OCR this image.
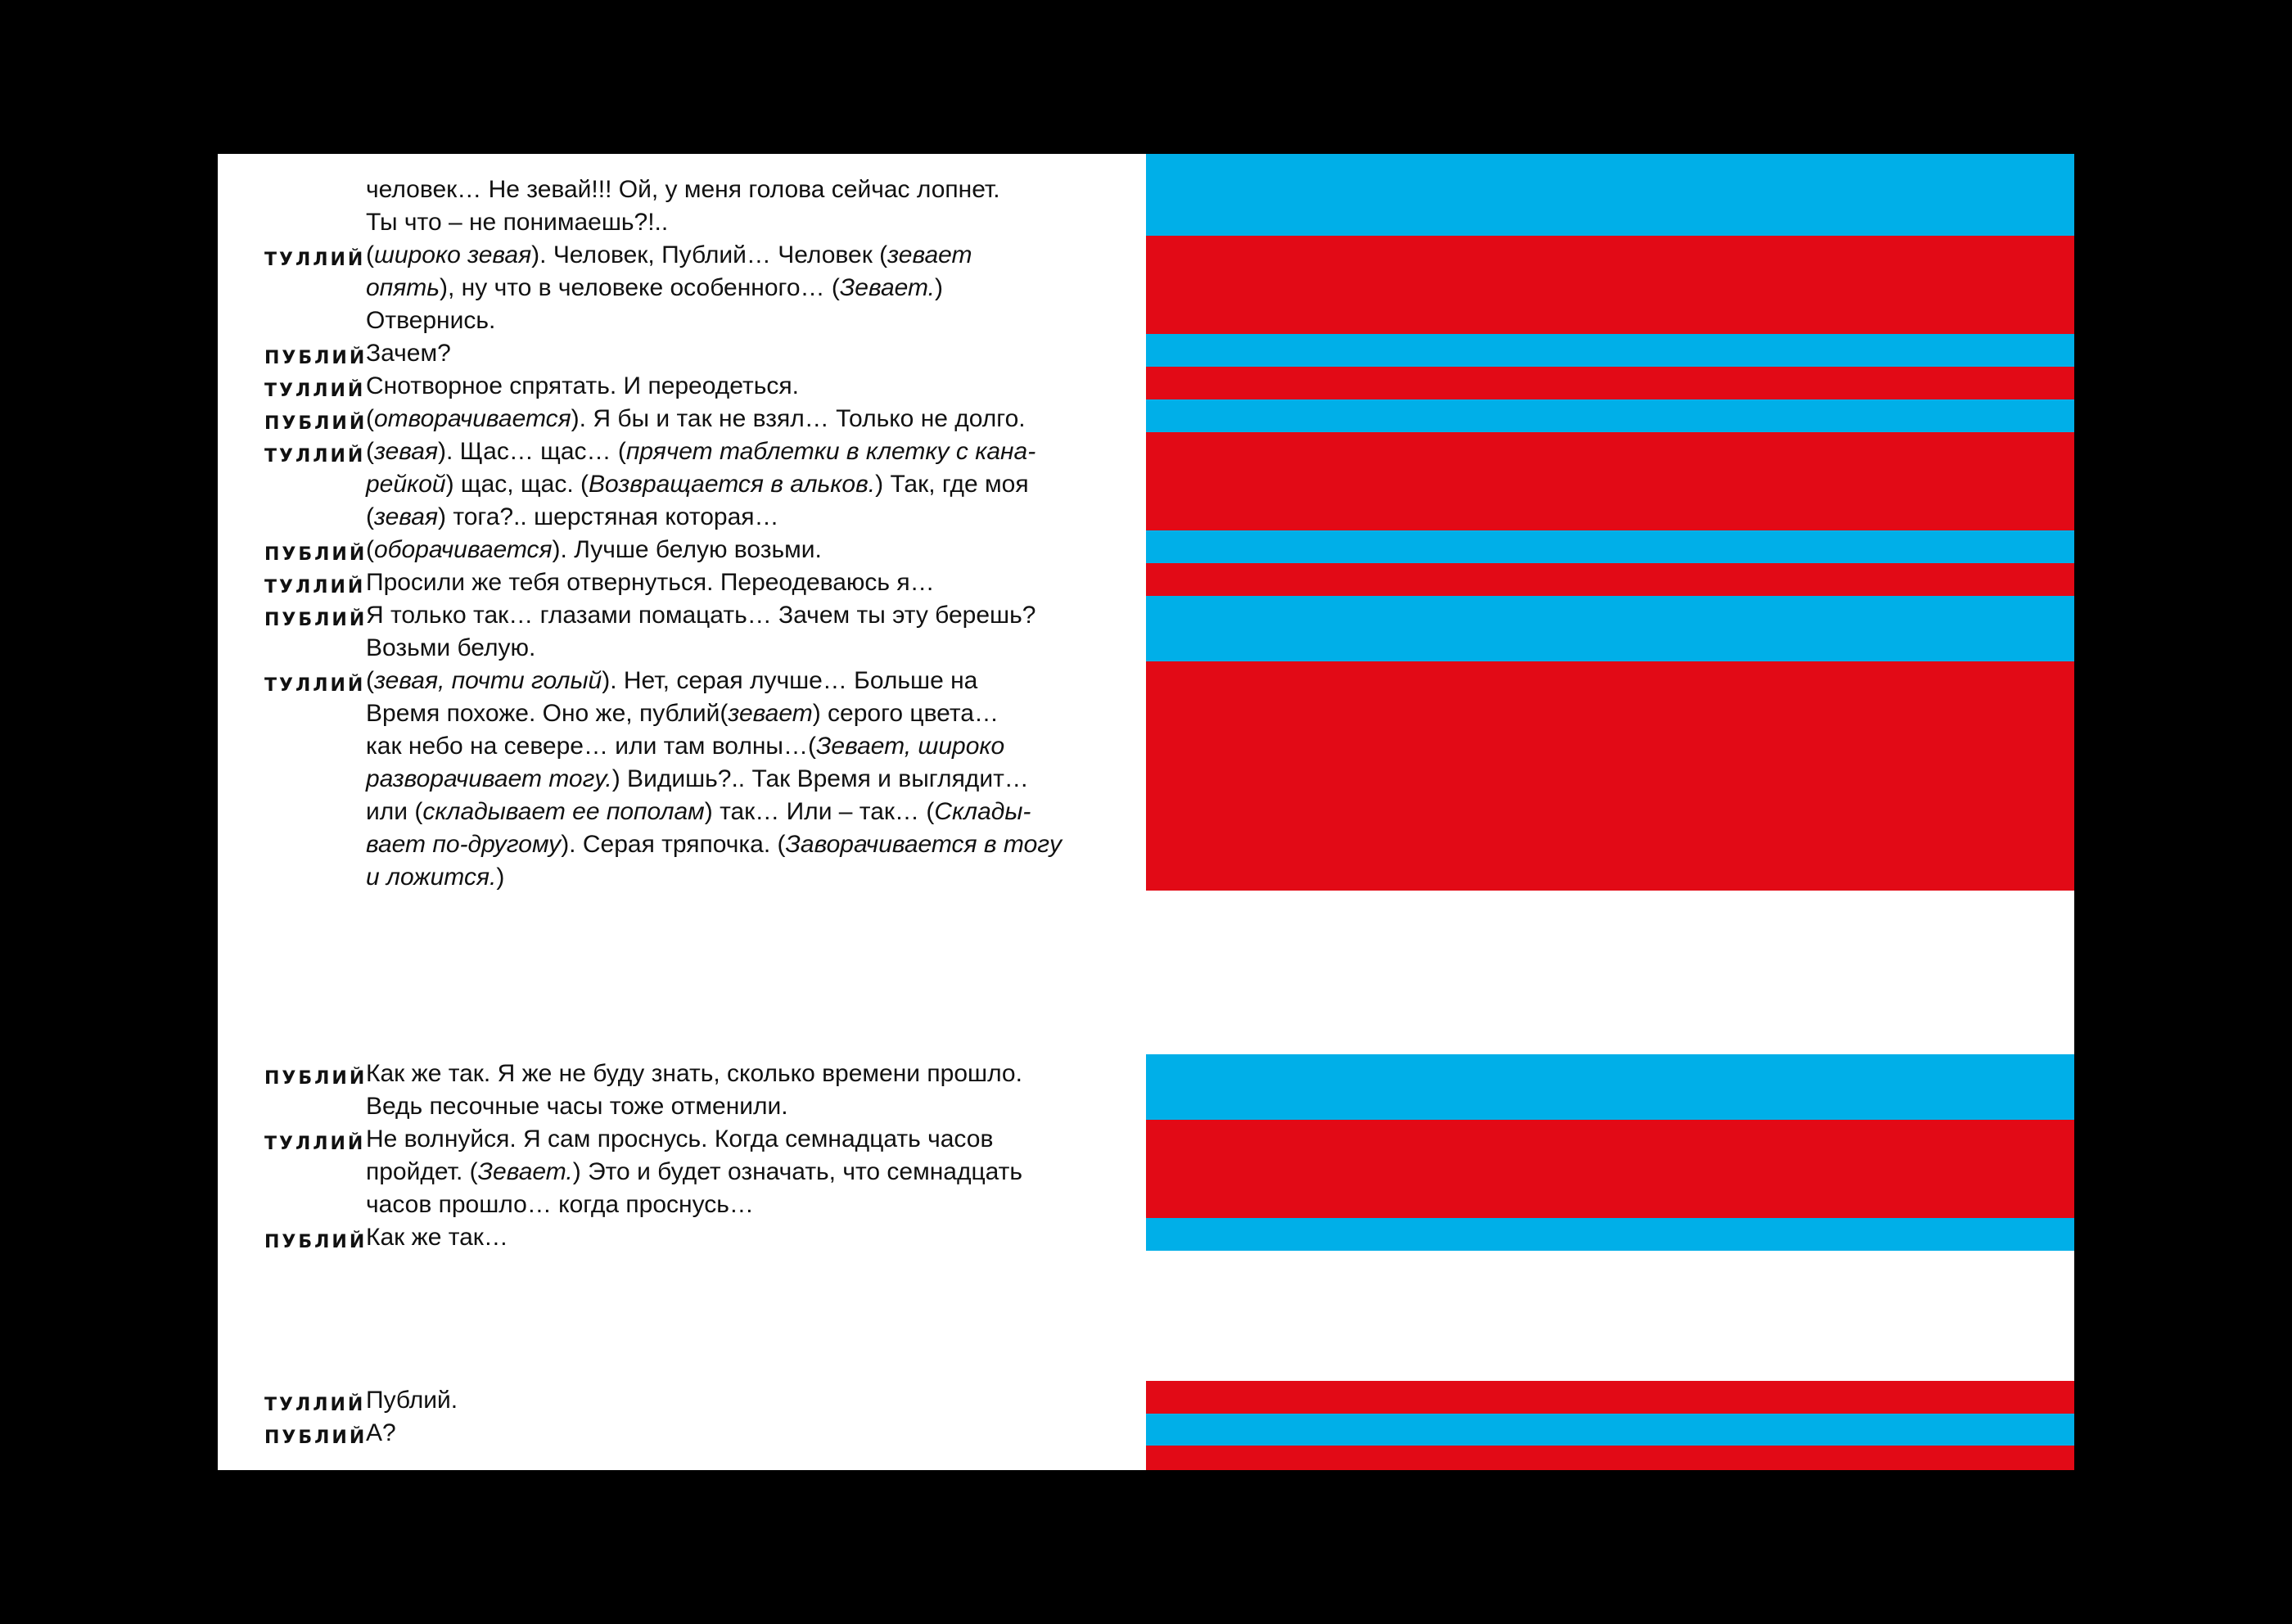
человек… Не зевай!!! Ой, у меня голова сейчас лопнет.
Ты что – не понимаешь?!..
ТУЛЛИЙ (широко зевая). Человек, Публий… Человек (зевает
опять), ну что в человеке особенного… (Зевает.)
Отвернись.
ПУБЛИЙ
Зачем?
ТУЛЛИЙ Снотворное спрятать. И переодеться.
ПУБЛИЙ
(отворачивается). Я бы и так не взял… Только не долго.
ТУЛЛИЙ (зевая). Щас… щас… (прячет таблетки в клетку с кана-
рейкой) щас, щас. (Возвращается в альков.) Так, где моя
(зевая) тога?.. шерстяная которая…
ПУБЛИЙ
(оборачивается). Лучше белую возьми.
ТУЛЛИЙ Просили же тебя отвернуться. Переодеваюсь я…
ПУБЛИЙ
Я только так… глазами помацать… Зачем ты эту берешь?
Возьми белую.
ТУЛЛИЙ (зевая, почти голый). Нет, серая лучше… Больше на
Время похоже. Оно же, публий(зевает) серого цвета…
как небо на севере… или там волны…(Зевает, широко
разворачивает тогу.) Видишь?.. Так Время и выглядит…
или (складывает ее пополам) так… Или – так… (Склады-
вает по-другому). Серая тряпочка. (Заворачивается в тогу
и ложится.)
ПУБЛИЙ
Как же так. Я же не буду знать, сколько времени прошло.
Ведь песочные часы тоже отменили.
ТУЛЛИЙ Не волнуйся. Я сам проснусь. Когда семнадцать часов
пройдет. (Зевает.) Это и будет означать, что семнадцать
часов прошло… когда проснусь…
ПУБЛИЙ
Как же так…
ТУЛЛИЙ Публий.
ПУБЛИЙ
А?
